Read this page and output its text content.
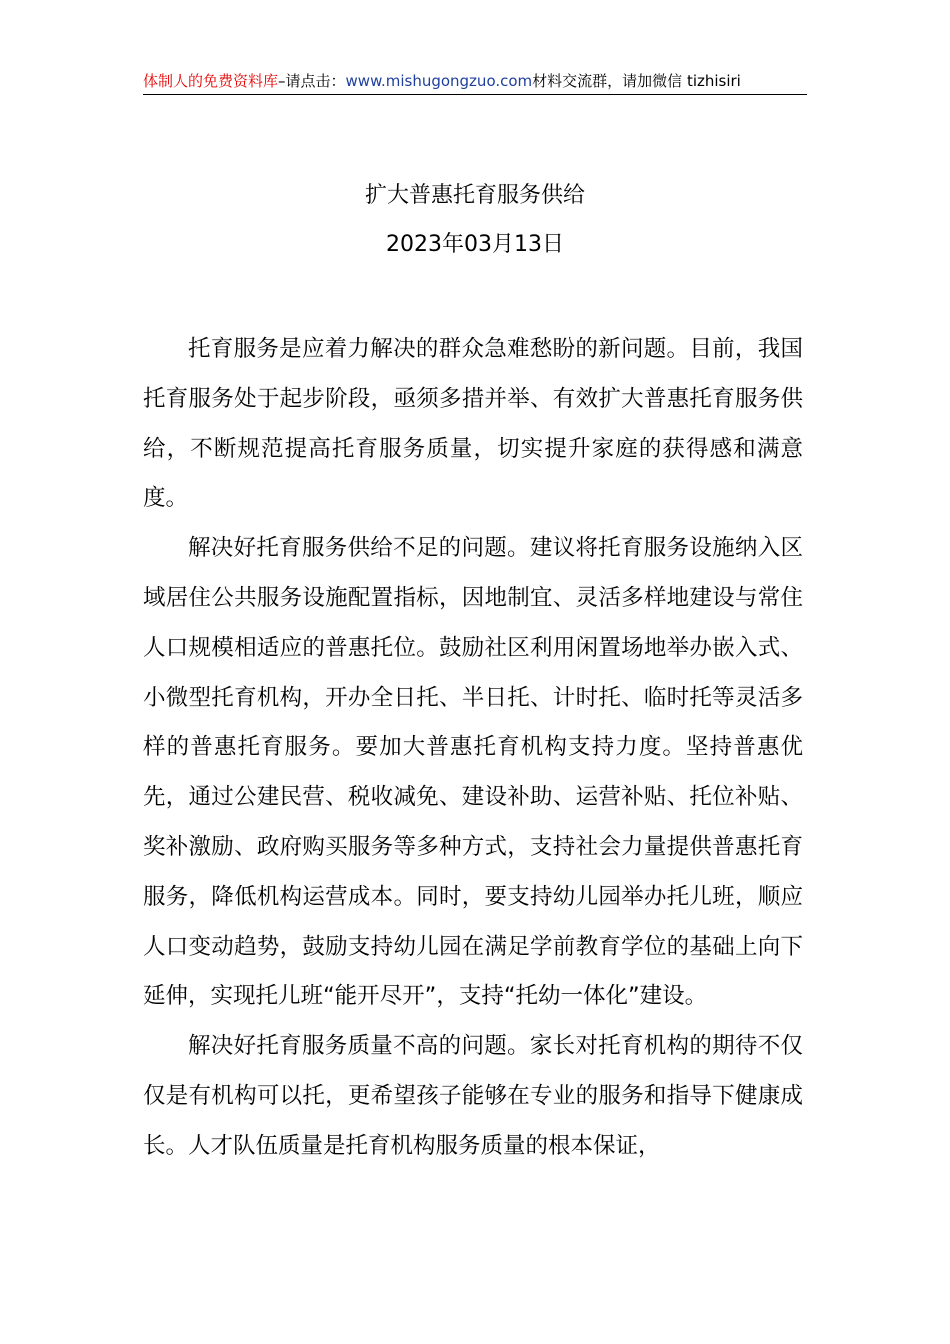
体制人的免费资料库–请点击：www.mishugongzuo.com材料交流群，请加微信 tizhisiri
扩大普惠托育服务供给
2023年03月13日

托育服务是应着力解决的群众急难愁盼的新问题。目前，我国托育服务处于起步阶段，亟须多措并举、有效扩大普惠托育服务供给，不断规范提高托育服务质量，切实提升家庭的获得感和满意度。

解决好托育服务供给不足的问题。建议将托育服务设施纳入区域居住公共服务设施配置指标，因地制宜、灵活多样地建设与常住人口规模相适应的普惠托位。鼓励社区利用闲置场地举办嵌入式、小微型托育机构，开办全日托、半日托、计时托、临时托等灵活多样的普惠托育服务。要加大普惠托育机构支持力度。坚持普惠优先，通过公建民营、税收减免、建设补助、运营补贴、托位补贴、奖补激励、政府购买服务等多种方式，支持社会力量提供普惠托育服务，降低机构运营成本。同时，要支持幼儿园举办托儿班，顺应人口变动趋势，鼓励支持幼儿园在满足学前教育学位的基础上向下延伸，实现托儿班“能开尽开”，支持“托幼一体化”建设。

解决好托育服务质量不高的问题。家长对托育机构的期待不仅仅是有机构可以托，更希望孩子能够在专业的服务和指导下健康成长。人才队伍质量是托育机构服务质量的根本保证，
